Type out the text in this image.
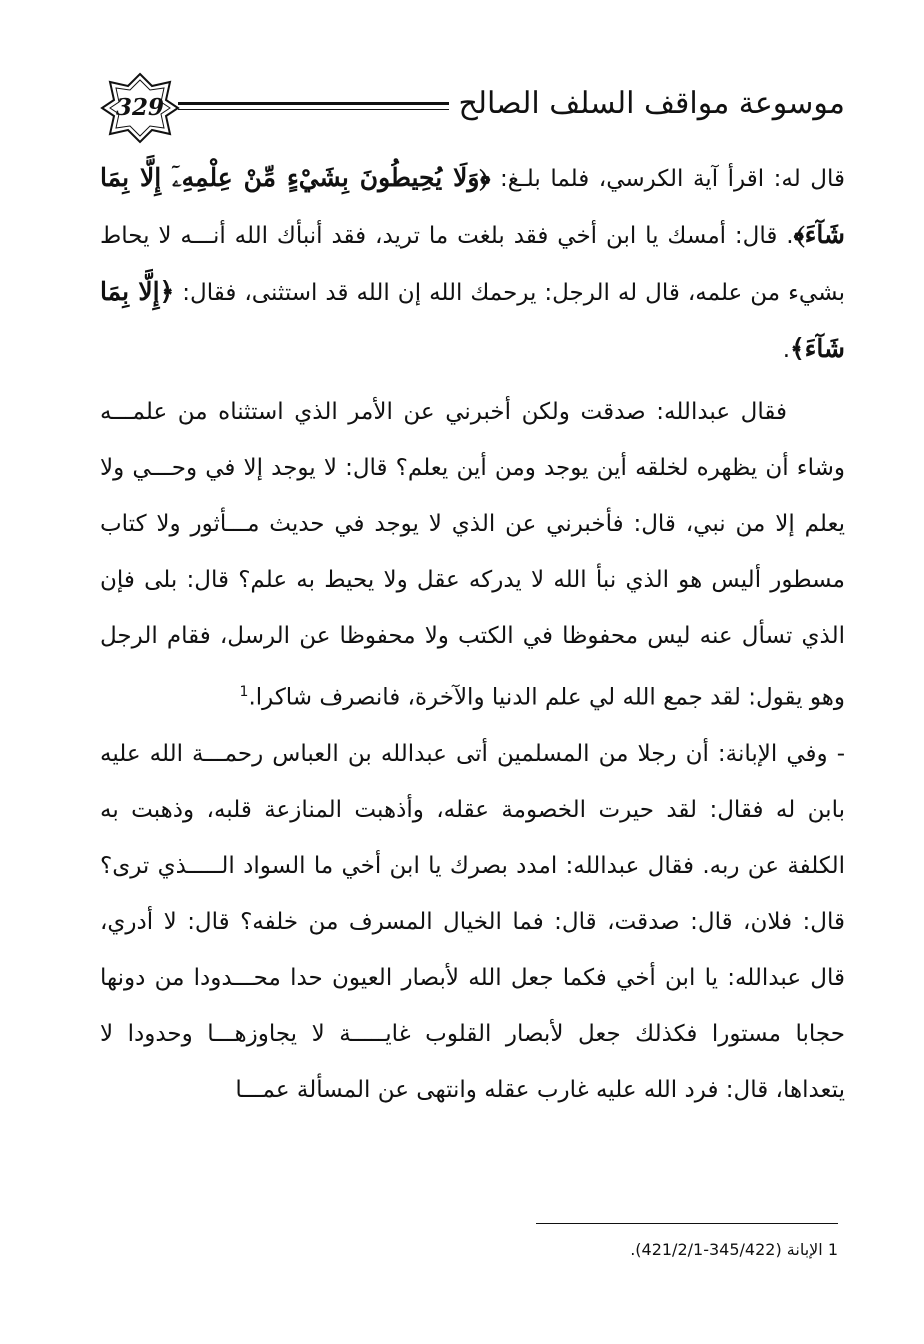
موسوعة مواقف السلف الصالح
329

قال له: اقرأ آية الكرسي، فلما بلـغ: ﴿وَلَا يُحِيطُونَ بِشَيْءٍ مِّنْ عِلْمِهِۦٓ إِلَّا بِمَا شَآءَ﴾. قال: أمسك يا ابن أخي فقد بلغت ما تريد، فقد أنبأك الله أنـــه لا يحاط بشيء من علمه، قال له الرجل: يرحمك الله إن الله قد استثنى، فقال: ﴿إِلَّا بِمَا شَآءَ﴾.

فقال عبدالله: صدقت ولكن أخبرني عن الأمر الذي استثناه من علمـــه وشاء أن يظهره لخلقه أين يوجد ومن أين يعلم؟ قال: لا يوجد إلا في وحـــي ولا يعلم إلا من نبي، قال: فأخبرني عن الذي لا يوجد في حديث مـــأثور ولا كتاب مسطور أليس هو الذي نبأ الله لا يدركه عقل ولا يحيط به علم؟ قال: بلى فإن الذي تسأل عنه ليس محفوظا في الكتب ولا محفوظا عن الرسل، فقام الرجل وهو يقول: لقد جمع الله لي علم الدنيا والآخرة، فانصرف شاكرا.$^1$

- وفي الإبانة: أن رجلا من المسلمين أتى عبدالله بن العباس رحمـــة الله عليه بابن له فقال: لقد حيرت الخصومة عقله، وأذهبت المنازعة قلبه، وذهبت به الكلفة عن ربه. فقال عبدالله: امدد بصرك يا ابن أخي ما السواد الـــــذي ترى؟ قال: فلان، قال: صدقت، قال: فما الخيال المسرف من خلفه؟ قال: لا أدري، قال عبدالله: يا ابن أخي فكما جعل الله لأبصار العيون حدا محـــدودا من دونها حجابا مستورا فكذلك جعل لأبصار القلوب غايـــــة لا يجاوزهـــا وحدودا لا يتعداها، قال: فرد الله عليه غارب عقله وانتهى عن المسألة عمـــا

1 الإبانة (345/422-421/2/1).
